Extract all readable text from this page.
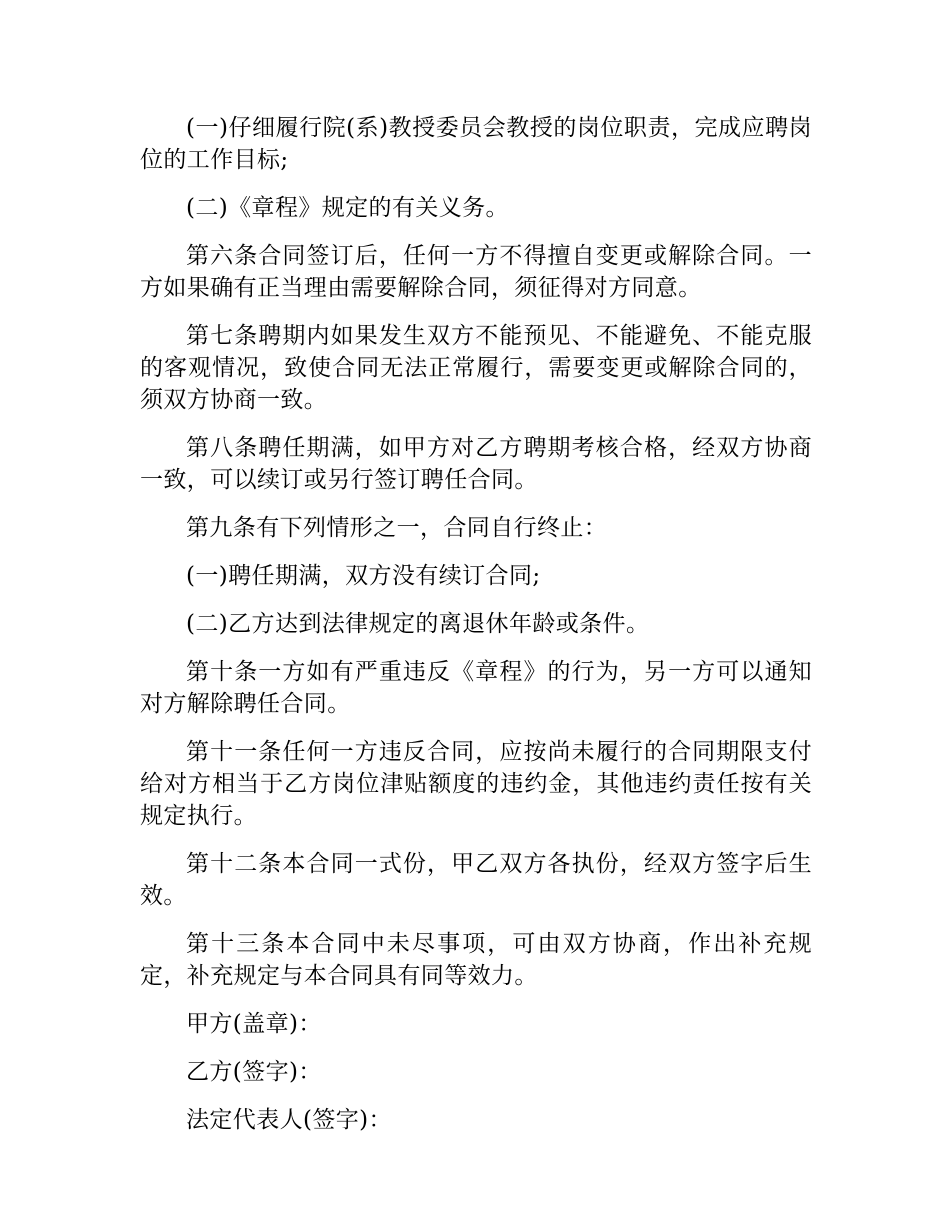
(一)仔细履行院(系)教授委员会教授的岗位职责，完成应聘岗位的工作目标;

(二)《章程》规定的有关义务。

第六条合同签订后，任何一方不得擅自变更或解除合同。一方如果确有正当理由需要解除合同，须征得对方同意。

第七条聘期内如果发生双方不能预见、不能避免、不能克服的客观情况，致使合同无法正常履行，需要变更或解除合同的，须双方协商一致。

第八条聘任期满，如甲方对乙方聘期考核合格，经双方协商一致，可以续订或另行签订聘任合同。

第九条有下列情形之一，合同自行终止：

(一)聘任期满，双方没有续订合同;

(二)乙方达到法律规定的离退休年龄或条件。

第十条一方如有严重违反《章程》的行为，另一方可以通知对方解除聘任合同。

第十一条任何一方违反合同，应按尚未履行的合同期限支付给对方相当于乙方岗位津贴额度的违约金，其他违约责任按有关规定执行。

第十二条本合同一式份，甲乙双方各执份，经双方签字后生效。

第十三条本合同中未尽事项，可由双方协商，作出补充规定，补充规定与本合同具有同等效力。

甲方(盖章)：

乙方(签字)：

法定代表人(签字)：
